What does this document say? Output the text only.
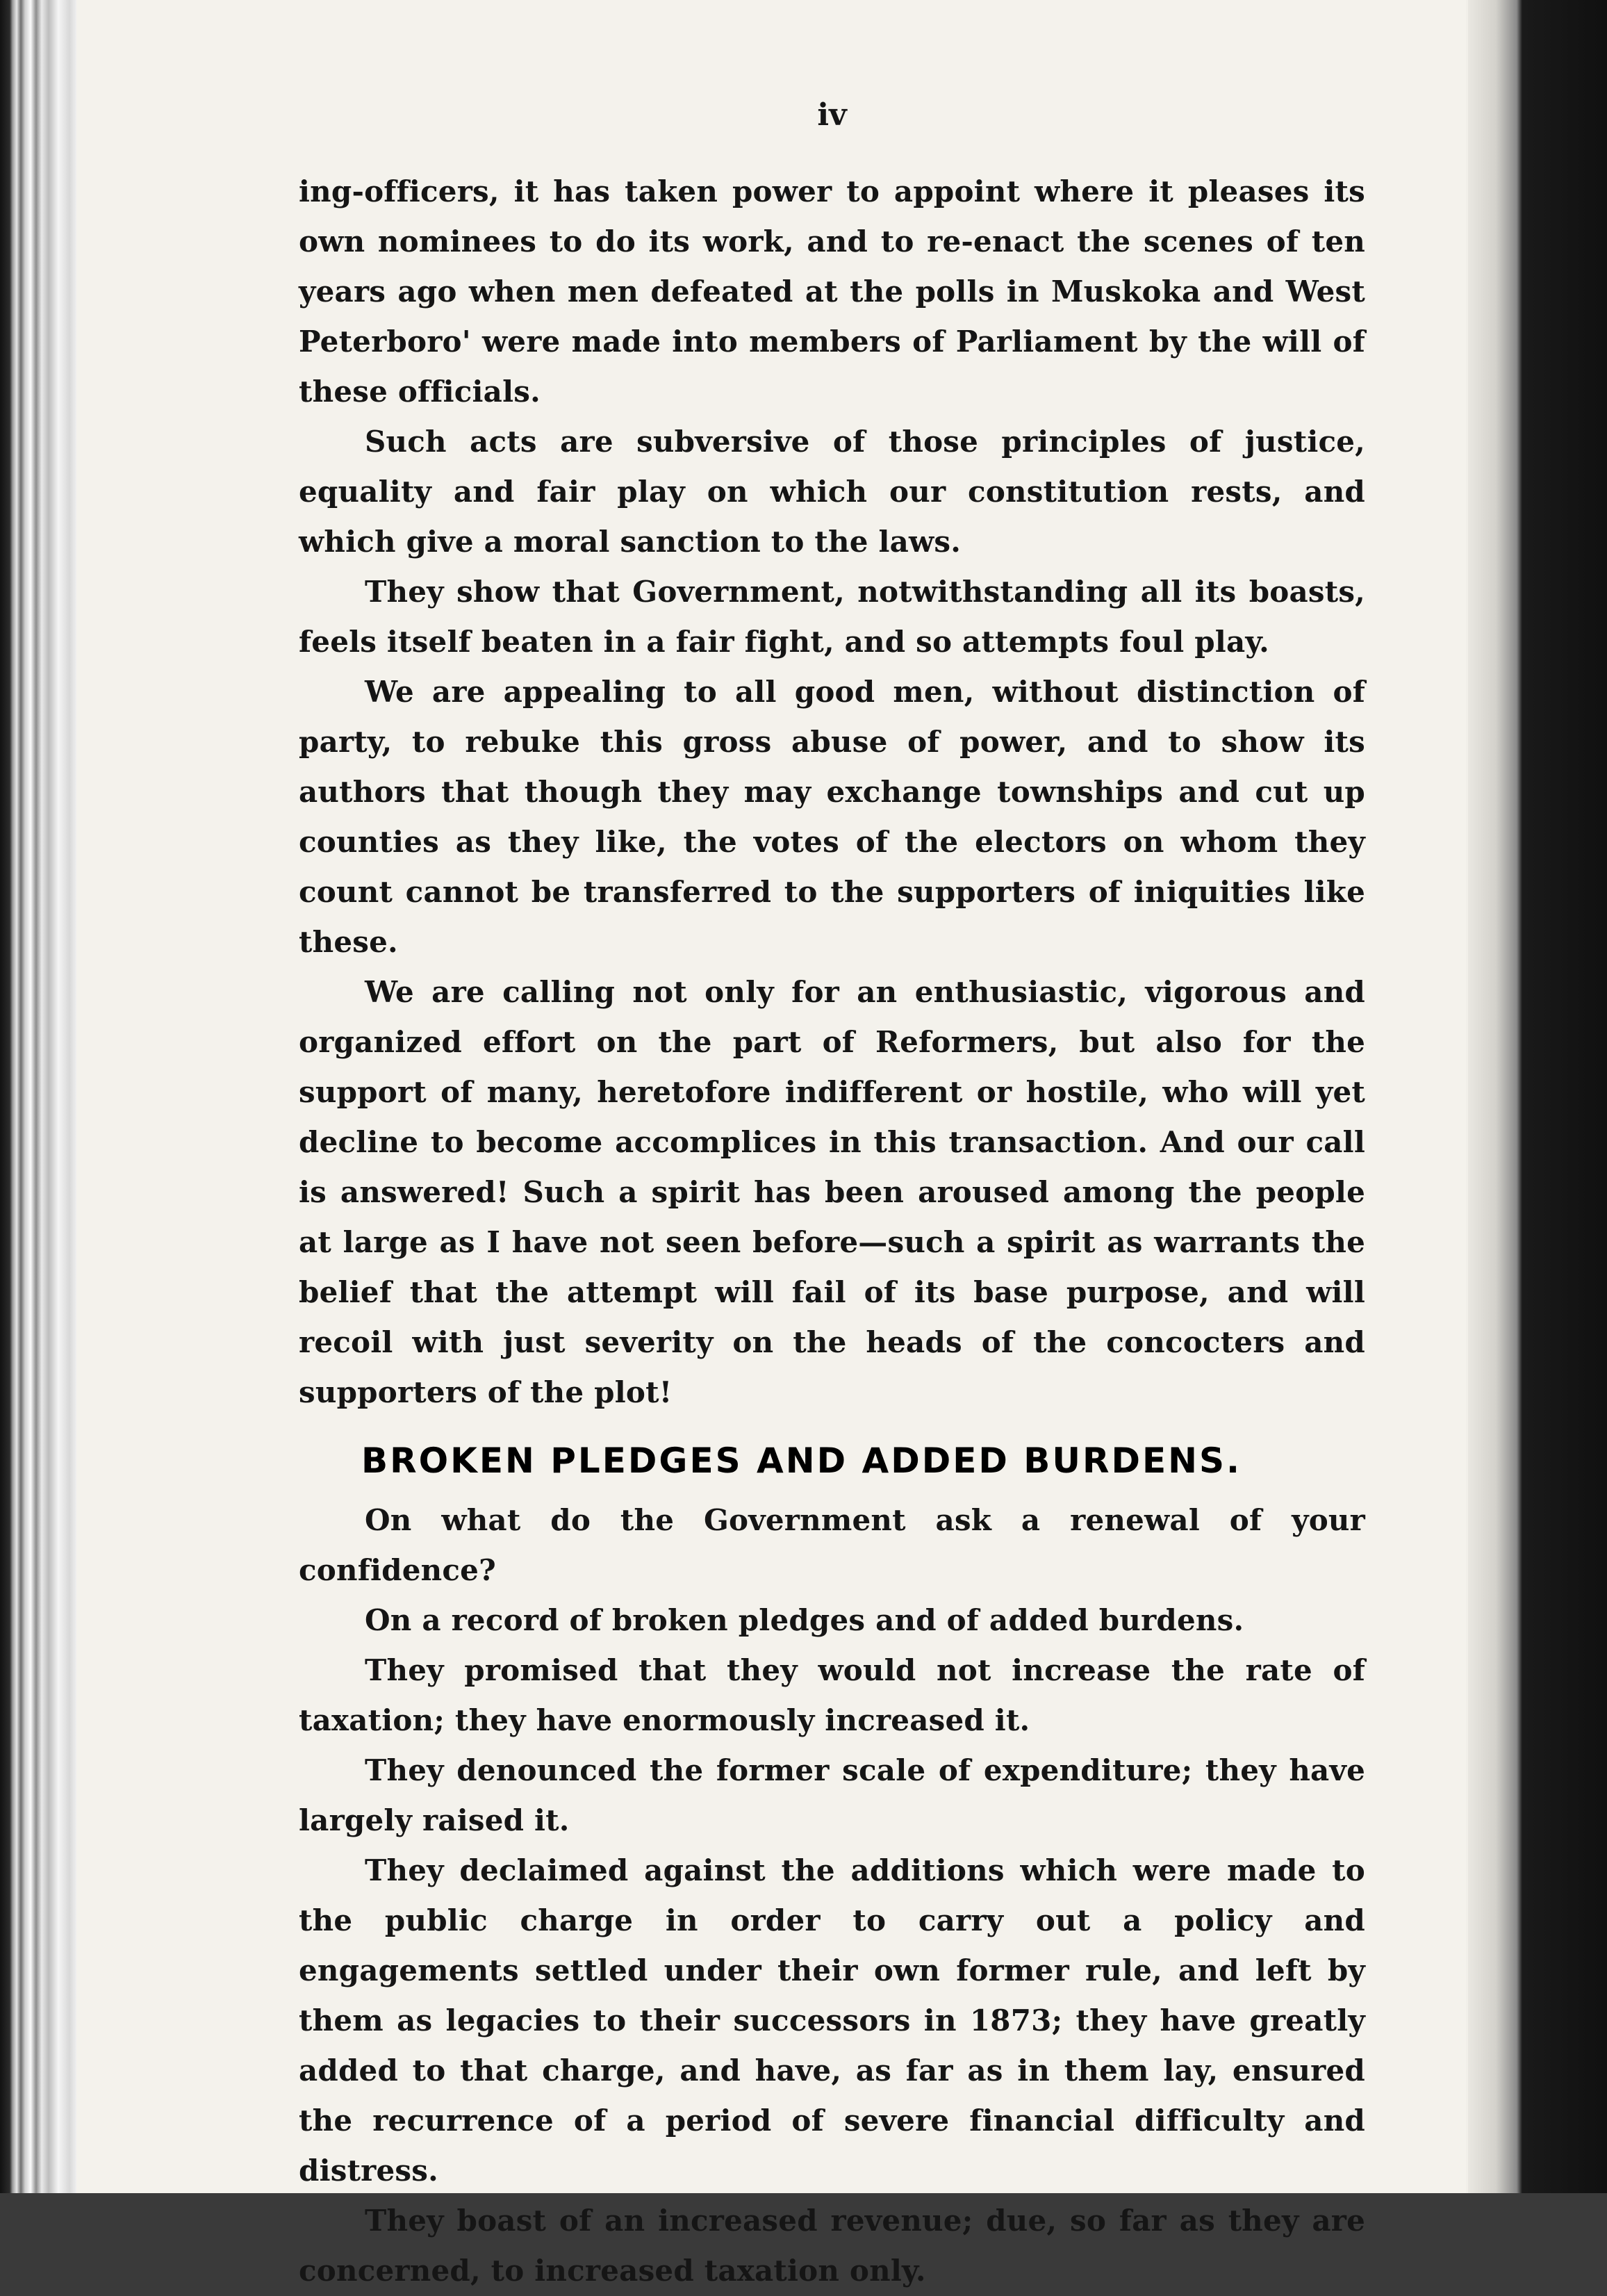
iv

ing-officers, it has taken power to appoint where it pleases its own nominees to do its work, and to re-enact the scenes of ten years ago when men defeated at the polls in Muskoka and West Peterboro' were made into members of Parliament by the will of these officials.

Such acts are subversive of those principles of justice, equality and fair play on which our constitution rests, and which give a moral sanction to the laws.

They show that Government, notwithstanding all its boasts, feels itself beaten in a fair fight, and so attempts foul play.

We are appealing to all good men, without distinction of party, to rebuke this gross abuse of power, and to show its authors that though they may exchange townships and cut up counties as they like, the votes of the electors on whom they count cannot be transferred to the supporters of iniquities like these.

We are calling not only for an enthusiastic, vigorous and organized effort on the part of Reformers, but also for the support of many, heretofore indifferent or hostile, who will yet decline to become accomplices in this transaction. And our call is answered! Such a spirit has been aroused among the people at large as I have not seen before—such a spirit as warrants the belief that the attempt will fail of its base purpose, and will recoil with just severity on the heads of the concocters and supporters of the plot!

BROKEN PLEDGES AND ADDED BURDENS.

On what do the Government ask a renewal of your confidence?

On a record of broken pledges and of added burdens.

They promised that they would not increase the rate of taxation; they have enormously increased it.

They denounced the former scale of expenditure; they have largely raised it.

They declaimed against the additions which were made to the public charge in order to carry out a policy and engagements settled under their own former rule, and left by them as legacies to their successors in 1873; they have greatly added to that charge, and have, as far as in them lay, ensured the recurrence of a period of severe financial difficulty and distress.

They boast of an increased revenue; due, so far as they are concerned, to increased taxation only.
